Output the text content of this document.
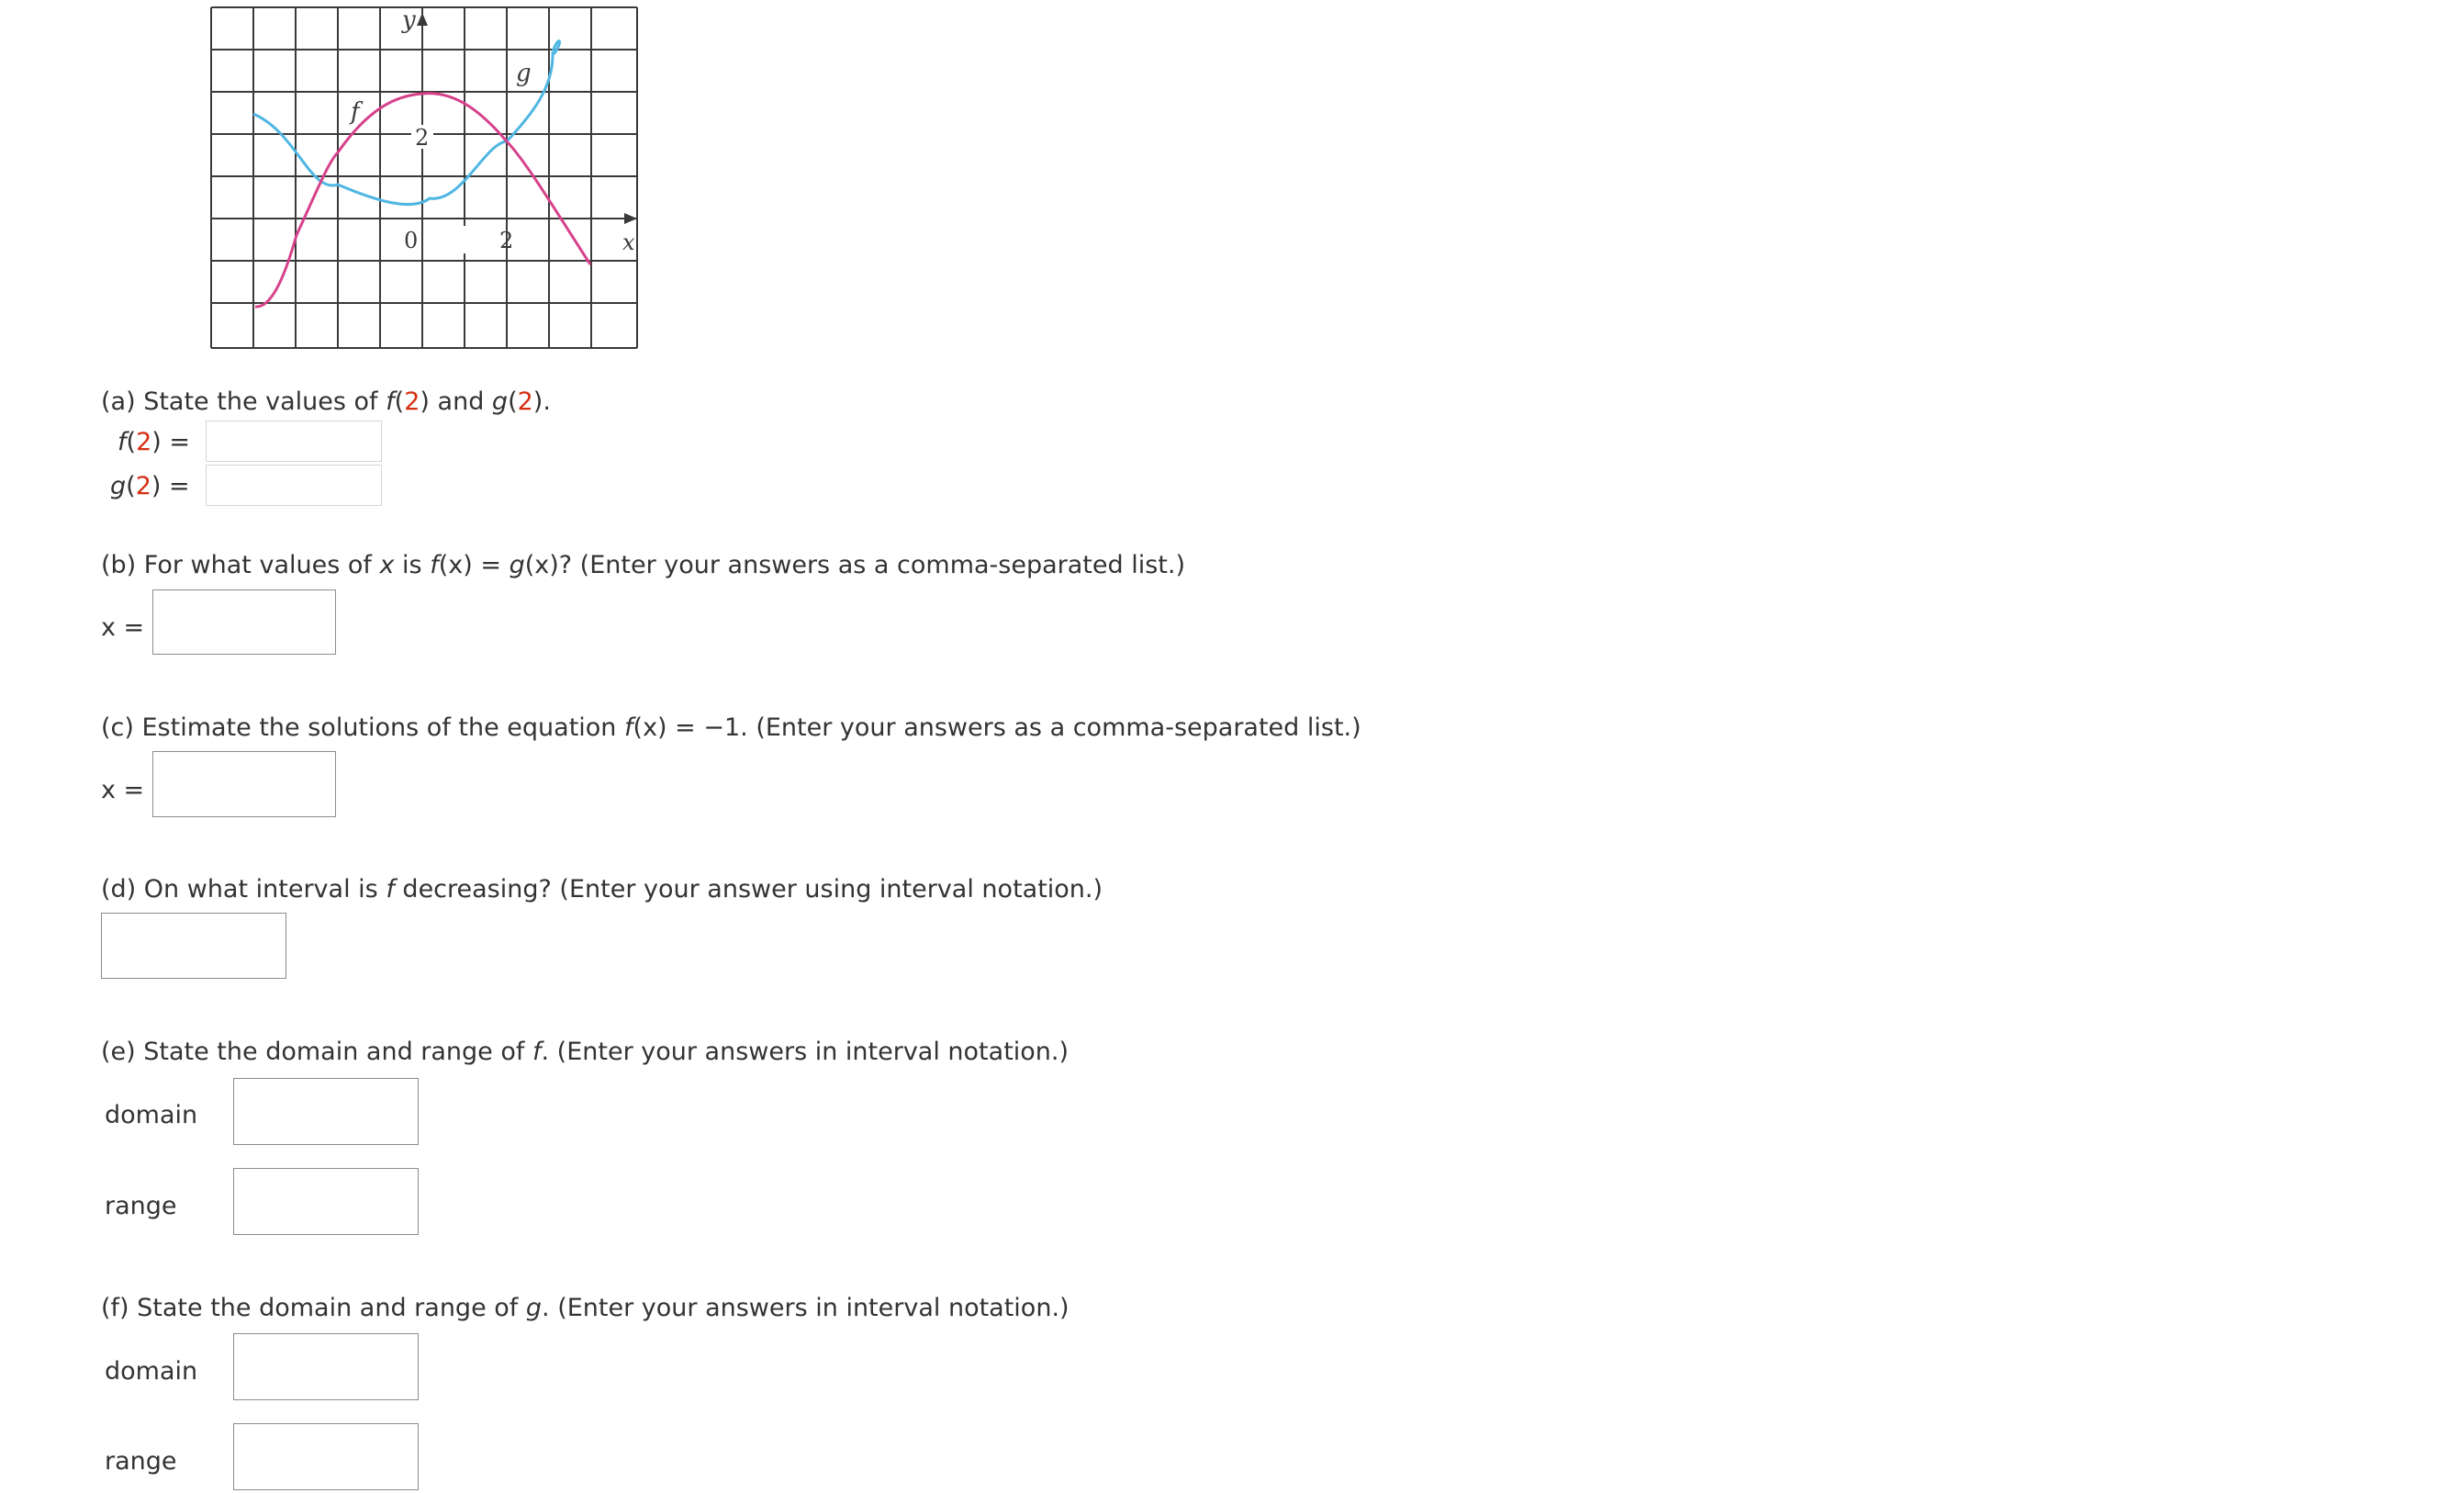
y
x
2
0	2
f
g
(a) State the values of f(2) and g(2).
f(2) =
g(2) =
(b) For what values of x is f(x) = g(x)? (Enter your answers as a comma-separated list.)
x =
(c) Estimate the solutions of the equation f(x) = −1. (Enter your answers as a comma-separated list.)
x =
(d) On what interval is f decreasing? (Enter your answer using interval notation.)
(e) State the domain and range of f. (Enter your answers in interval notation.)
domain
range
(f) State the domain and range of g. (Enter your answers in interval notation.)
domain
range
